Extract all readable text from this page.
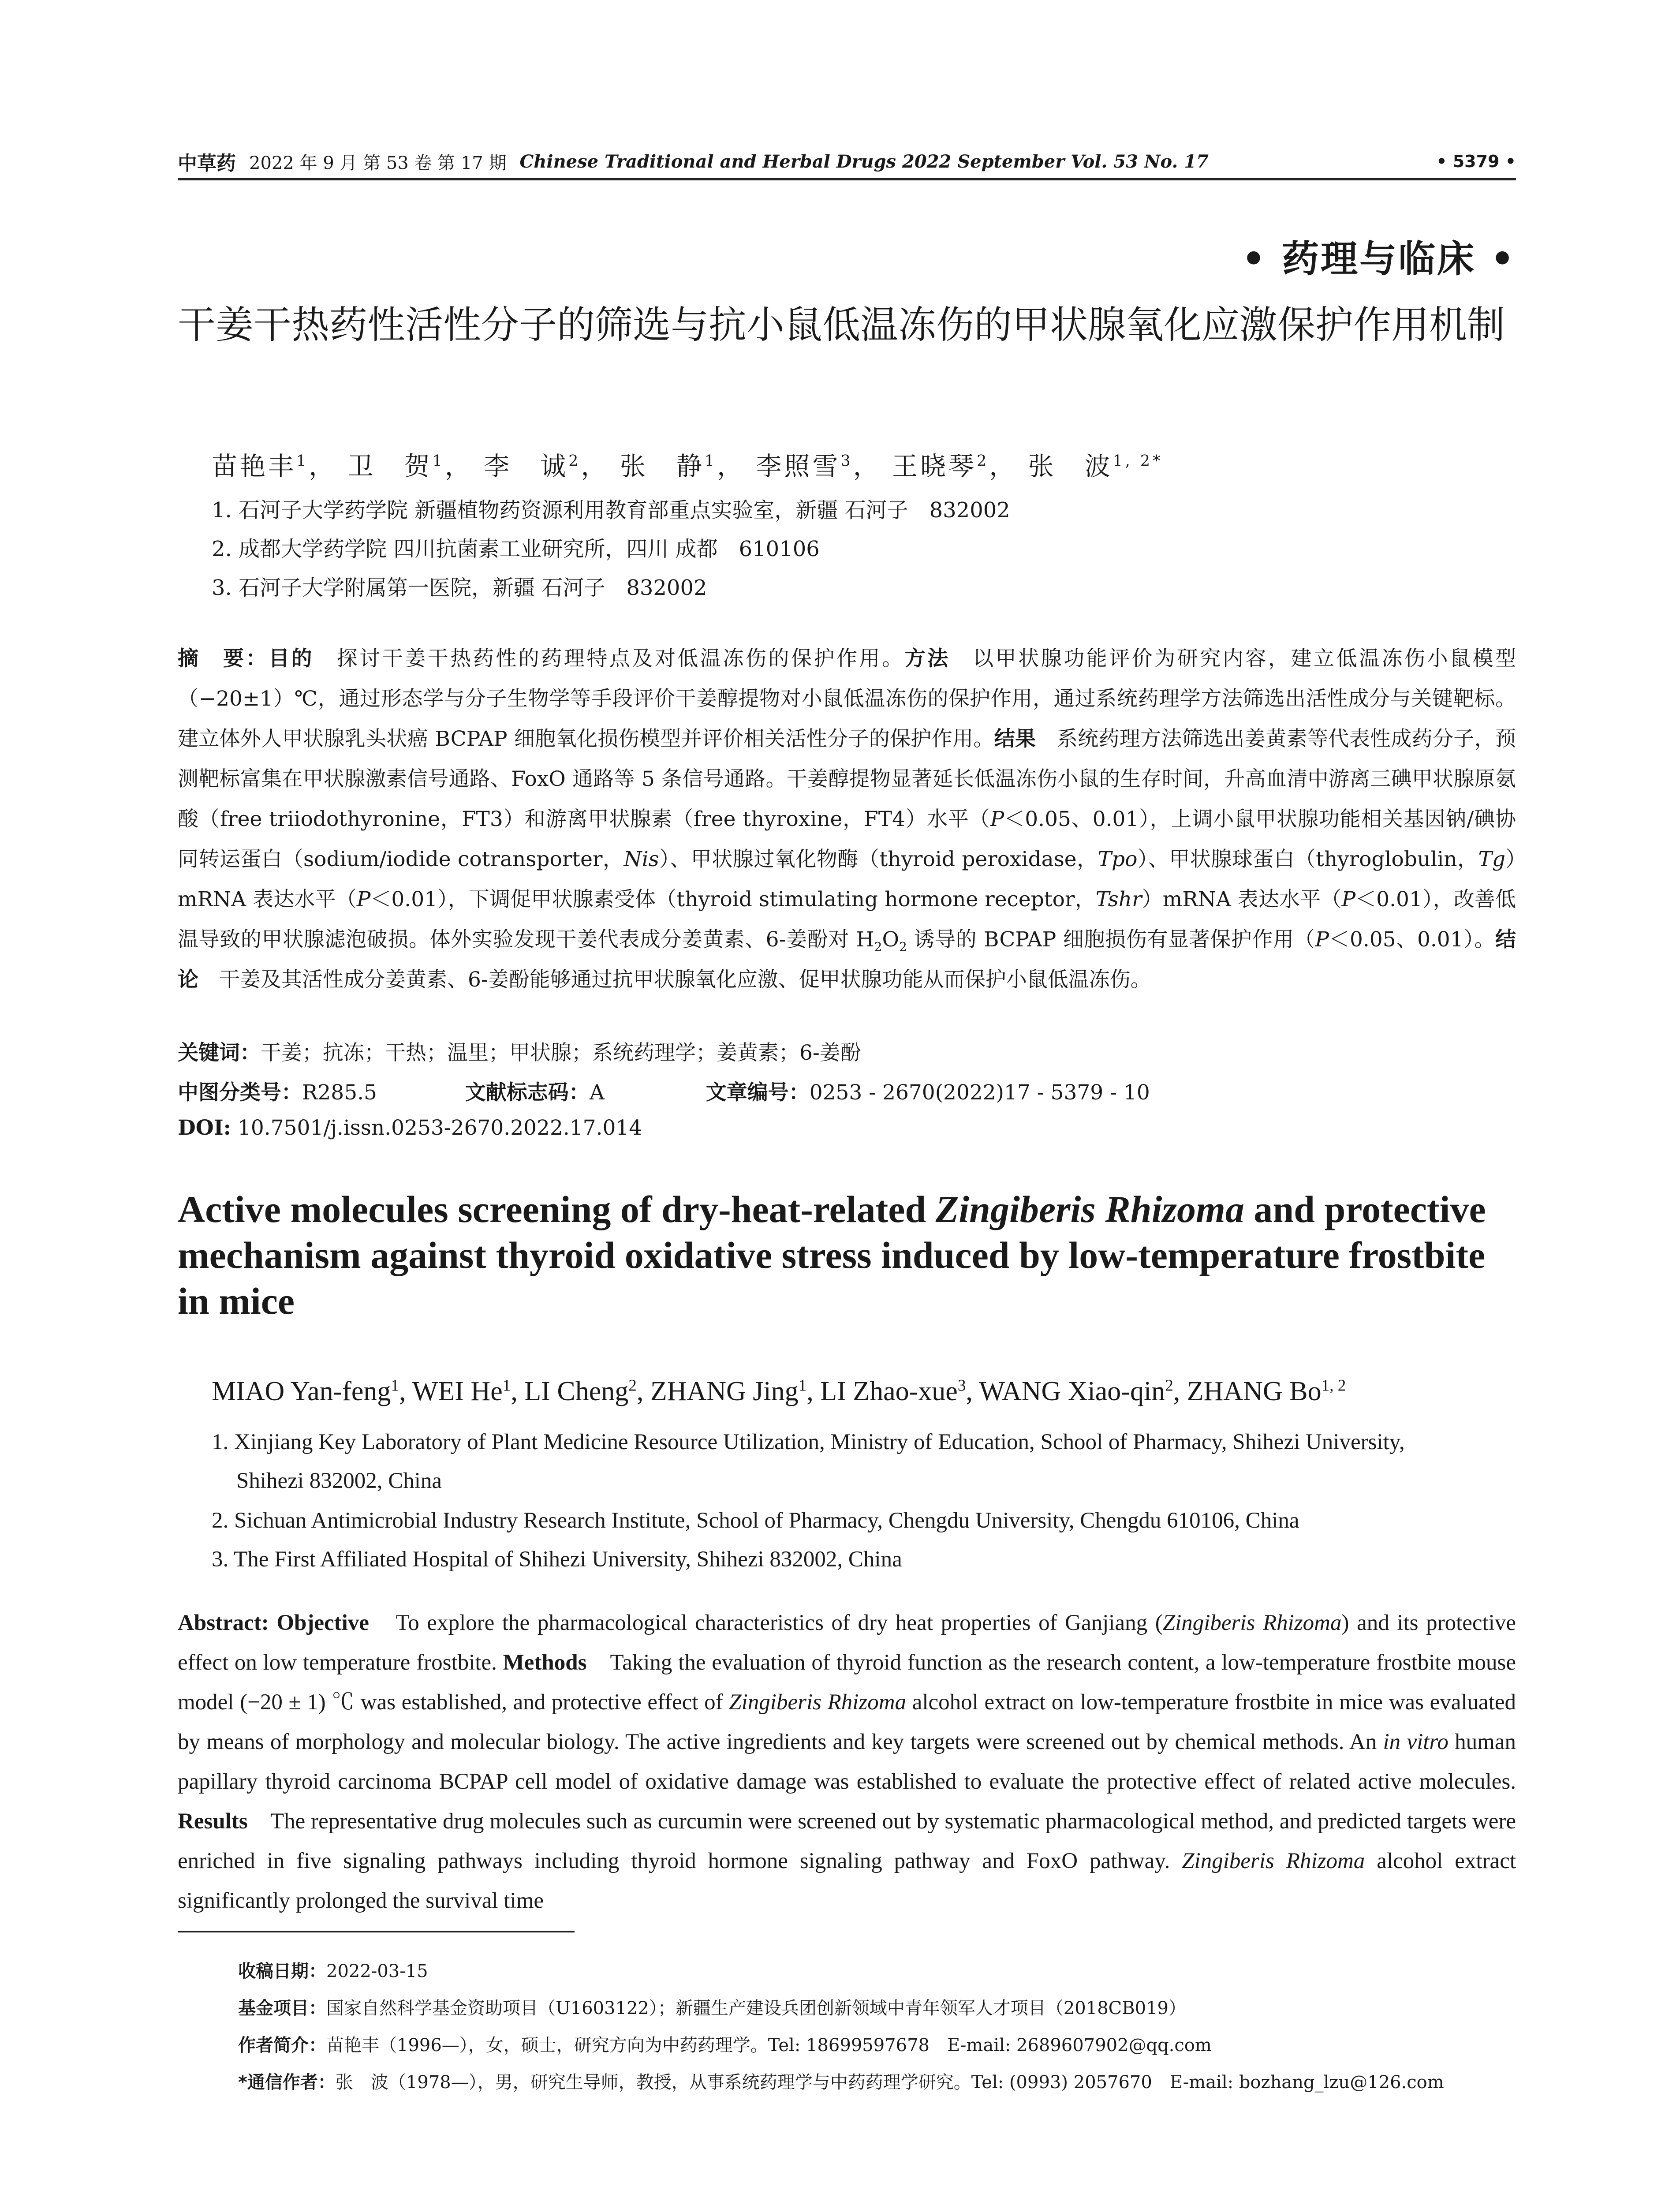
中草药 2022 年 9 月 第 53 卷 第 17 期 Chinese Traditional and Herbal Drugs 2022 September Vol. 53 No. 17	• 5379 •
• 药理与临床 •
干姜干热药性活性分子的筛选与抗小鼠低温冻伤的甲状腺氧化应激保护作用机制
苗艳丰$^1$， 卫　贺$^1$， 李　诚$^2$， 张　静$^1$， 李照雪$^3$， 王晓琴$^2$， 张　波$^{1, 2*}$
1. 石河子大学药学院 新疆植物药资源利用教育部重点实验室，新疆 石河子　832002
2. 成都大学药学院 四川抗菌素工业研究所，四川 成都　610106
3. 石河子大学附属第一医院，新疆 石河子　832002
摘　要：目的　 探讨干姜干热药性的药理特点及对低温冻伤的保护作用。方法　 以甲状腺功能评价为研究内容，建立低温冻伤小鼠模型（−20±1）℃，通过形态学与分子生物学等手段评价干姜醇提物对小鼠低温冻伤的保护作用，通过系统药理学方法筛选出活性成分与关键靶标。建立体外人甲状腺乳头状癌 BCPAP 细胞氧化损伤模型并评价相关活性分子的保护作用。结果　 系统药理方法筛选出姜黄素等代表性成药分子，预测靶标富集在甲状腺激素信号通路、FoxO 通路等 5 条信号通路。干姜醇提物显著延长低温冻伤小鼠的生存时间，升高血清中游离三碘甲状腺原氨酸（free triiodothyronine，FT3）和游离甲状腺素（free thyroxine，FT4）水平（P＜0.05、0.01），上调小鼠甲状腺功能相关基因钠/碘协同转运蛋白（sodium/iodide cotransporter，Nis）、甲状腺过氧化物酶（thyroid peroxidase，Tpo）、甲状腺球蛋白（thyroglobulin，Tg）mRNA 表达水平（P＜0.01），下调促甲状腺素受体（thyroid stimulating hormone receptor，Tshr）mRNA 表达水平（P＜0.01），改善低温导致的甲状腺滤泡破损。体外实验发现干姜代表成分姜黄素、6-姜酚对 $H_2O_2$ 诱导的 BCPAP 细胞损伤有显著保护作用（P＜0.05、0.01）。结论　 干姜及其活性成分姜黄素、6-姜酚能够通过抗甲状腺氧化应激、促甲状腺功能从而保护小鼠低温冻伤。
关键词：干姜；抗冻；干热；温里；甲状腺；系统药理学；姜黄素；6-姜酚
中图分类号：R285.5	文献标志码：A	文章编号：0253 - 2670(2022)17 - 5379 - 10
DOI: 10.7501/j.issn.0253-2670.2022.17.014
Active molecules screening of dry-heat-related Zingiberis Rhizoma and protective mechanism against thyroid oxidative stress induced by low-temperature frostbite in mice
MIAO Yan-feng$^1$, WEI He$^1$, LI Cheng$^2$, ZHANG Jing$^1$, LI Zhao-xue$^3$, WANG Xiao-qin$^2$, ZHANG Bo$^{1, 2}$
1. Xinjiang Key Laboratory of Plant Medicine Resource Utilization, Ministry of Education, School of Pharmacy, Shihezi University,
Shihezi 832002, China
2. Sichuan Antimicrobial Industry Research Institute, School of Pharmacy, Chengdu University, Chengdu 610106, China
3. The First Affiliated Hospital of Shihezi University, Shihezi 832002, China
Abstract: Objective　 To explore the pharmacological characteristics of dry heat properties of Ganjiang (Zingiberis Rhizoma) and its protective effect on low temperature frostbite. Methods　 Taking the evaluation of thyroid function as the research content, a low-temperature frostbite mouse model (−20 ± 1) ℃ was established, and protective effect of Zingiberis Rhizoma alcohol extract on low-temperature frostbite in mice was evaluated by means of morphology and molecular biology. The active ingredients and key targets were screened out by chemical methods. An in vitro human papillary thyroid carcinoma BCPAP cell model of oxidative damage was established to evaluate the protective effect of related active molecules. Results　 The representative drug molecules such as curcumin were screened out by systematic pharmacological method, and predicted targets were enriched in five signaling pathways including thyroid hormone signaling pathway and FoxO pathway. Zingiberis Rhizoma alcohol extract significantly prolonged the survival time
收稿日期：2022-03-15
基金项目：国家自然科学基金资助项目（U1603122）；新疆生产建设兵团创新领域中青年领军人才项目（2018CB019）
作者简介：苗艳丰（1996—），女，硕士，研究方向为中药药理学。Tel: 18699597678　E-mail: 2689607902@qq.com
*通信作者：张　波（1978—），男，研究生导师，教授，从事系统药理学与中药药理学研究。Tel: (0993) 2057670　E-mail: bozhang_lzu@126.com
